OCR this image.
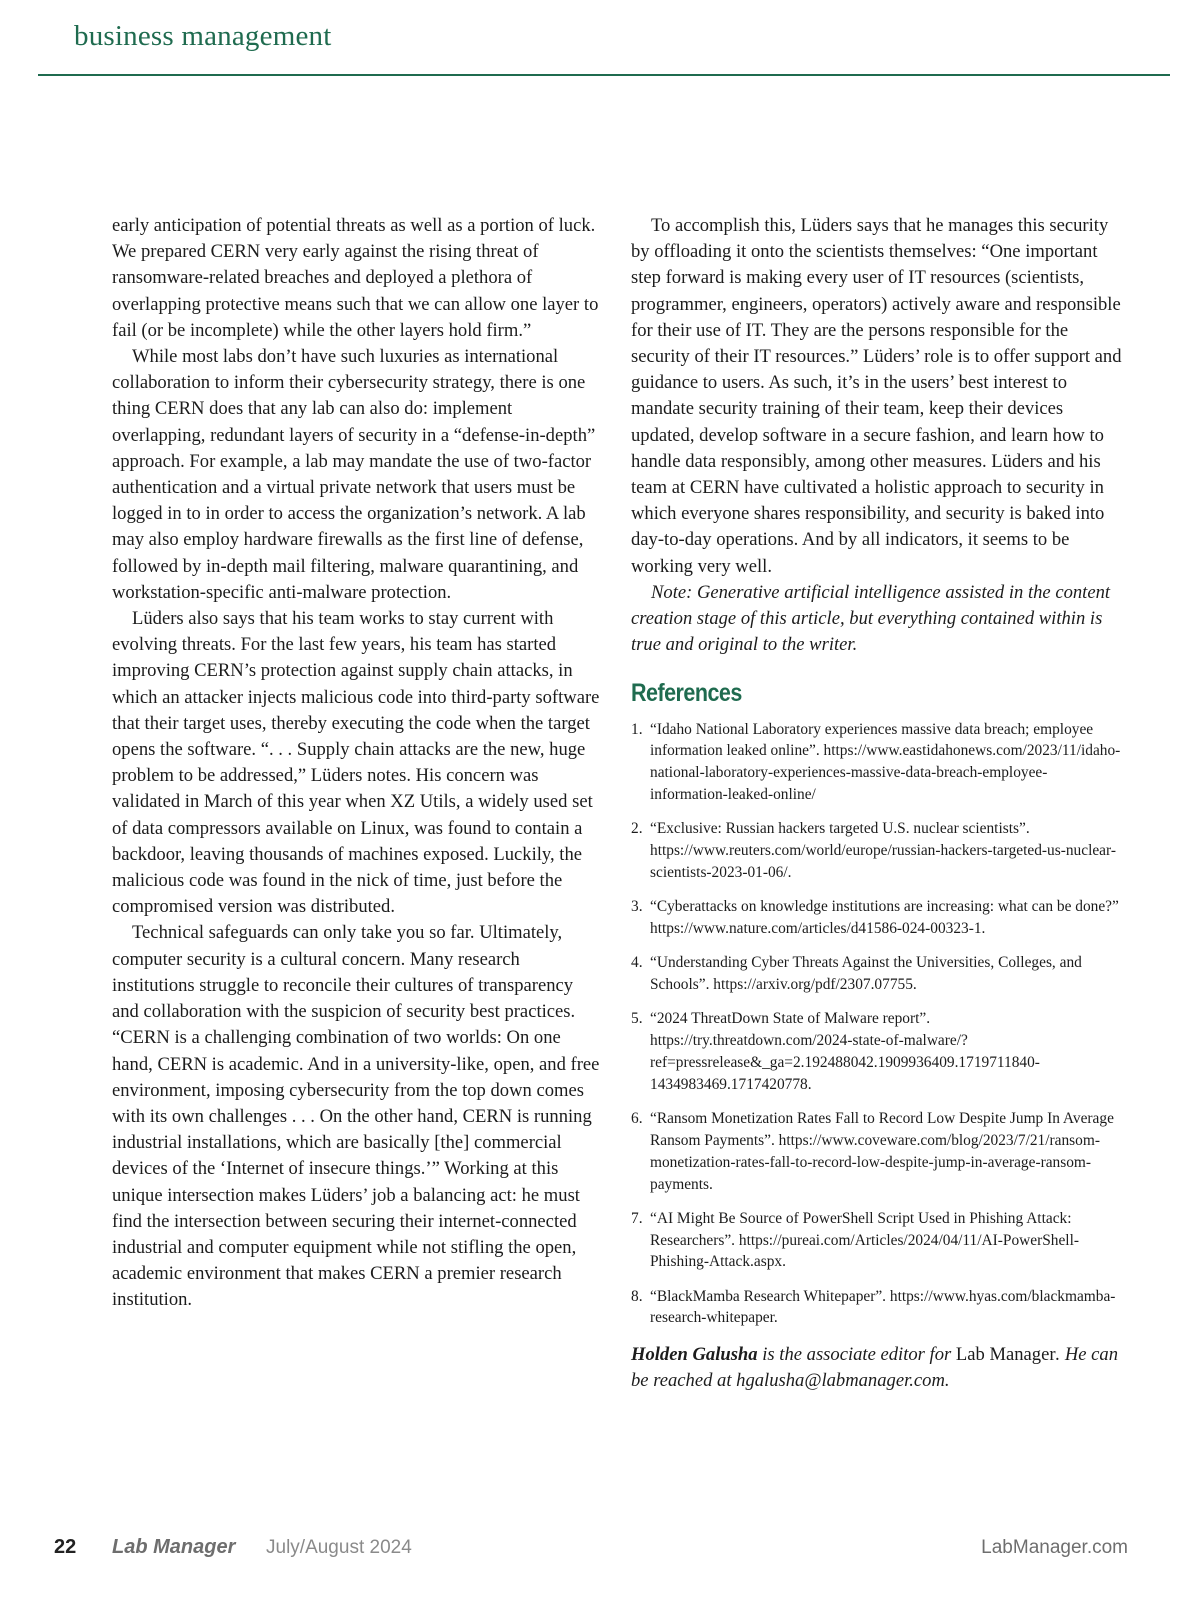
business management

early anticipation of potential threats as well as a portion of luck. We prepared CERN very early against the rising threat of ransomware-related breaches and deployed a plethora of overlapping protective means such that we can allow one layer to fail (or be incomplete) while the other layers hold firm.”

While most labs don’t have such luxuries as international collaboration to inform their cybersecurity strategy, there is one thing CERN does that any lab can also do: implement overlapping, redundant layers of security in a “defense-in-depth” approach. For example, a lab may mandate the use of two-factor authentication and a virtual private network that users must be logged in to in order to access the organization’s network. A lab may also employ hardware firewalls as the first line of defense, followed by in-depth mail filtering, malware quarantining, and workstation-specific anti-malware protection.

Lüders also says that his team works to stay current with evolving threats. For the last few years, his team has started improving CERN’s protection against supply chain attacks, in which an attacker injects malicious code into third-party software that their target uses, thereby executing the code when the target opens the software. “. . . Supply chain attacks are the new, huge problem to be addressed,” Lüders notes. His concern was validated in March of this year when XZ Utils, a widely used set of data compressors available on Linux, was found to contain a backdoor, leaving thousands of machines exposed. Luckily, the malicious code was found in the nick of time, just before the compromised version was distributed.

Technical safeguards can only take you so far. Ultimately, computer security is a cultural concern. Many research institutions struggle to reconcile their cultures of transparency and collaboration with the suspicion of security best practices. “CERN is a challenging combination of two worlds: On one hand, CERN is academic. And in a university-like, open, and free environment, imposing cybersecurity from the top down comes with its own challenges . . . On the other hand, CERN is running industrial installations, which are basically [the] commercial devices of the ‘Internet of insecure things.’” Working at this unique intersection makes Lüders’ job a balancing act: he must find the intersection between securing their internet-connected industrial and computer equipment while not stifling the open, academic environment that makes CERN a premier research institution.

To accomplish this, Lüders says that he manages this security by offloading it onto the scientists themselves: “One important step forward is making every user of IT resources (scientists, programmer, engineers, operators) actively aware and responsible for their use of IT. They are the persons responsible for the security of their IT resources.” Lüders’ role is to offer support and guidance to users. As such, it’s in the users’ best interest to mandate security training of their team, keep their devices updated, develop software in a secure fashion, and learn how to handle data responsibly, among other measures. Lüders and his team at CERN have cultivated a holistic approach to security in which everyone shares responsibility, and security is baked into day-to-day operations. And by all indicators, it seems to be working very well.

Note: Generative artificial intelligence assisted in the content creation stage of this article, but everything contained within is true and original to the writer.

References
1. “Idaho National Laboratory experiences massive data breach; employee information leaked online”. https://www.eastidahonews.com/2023/11/idaho-national-laboratory-experiences-massive-data-breach-employee-information-leaked-online/
2. “Exclusive: Russian hackers targeted U.S. nuclear scientists”. https://www.reuters.com/world/europe/russian-hackers-targeted-us-nuclear-scientists-2023-01-06/.
3. “Cyberattacks on knowledge institutions are increasing: what can be done?” https://www.nature.com/articles/d41586-024-00323-1.
4. “Understanding Cyber Threats Against the Universities, Colleges, and Schools”. https://arxiv.org/pdf/2307.07755.
5. “2024 ThreatDown State of Malware report”. https://try.threatdown.com/2024-state-of-malware/?ref=pressrelease&_ga=2.192488042.1909936409.1719711840-1434983469.1717420778.
6. “Ransom Monetization Rates Fall to Record Low Despite Jump In Average Ransom Payments”. https://www.coveware.com/blog/2023/7/21/ransom-monetization-rates-fall-to-record-low-despite-jump-in-average-ransom-payments.
7. “AI Might Be Source of PowerShell Script Used in Phishing Attack: Researchers”. https://pureai.com/Articles/2024/04/11/AI-PowerShell-Phishing-Attack.aspx.
8. “BlackMamba Research Whitepaper”. https://www.hyas.com/blackmamba-research-whitepaper.

Holden Galusha is the associate editor for Lab Manager. He can be reached at hgalusha@labmanager.com.

22 Lab Manager July/August 2024	LabManager.com
